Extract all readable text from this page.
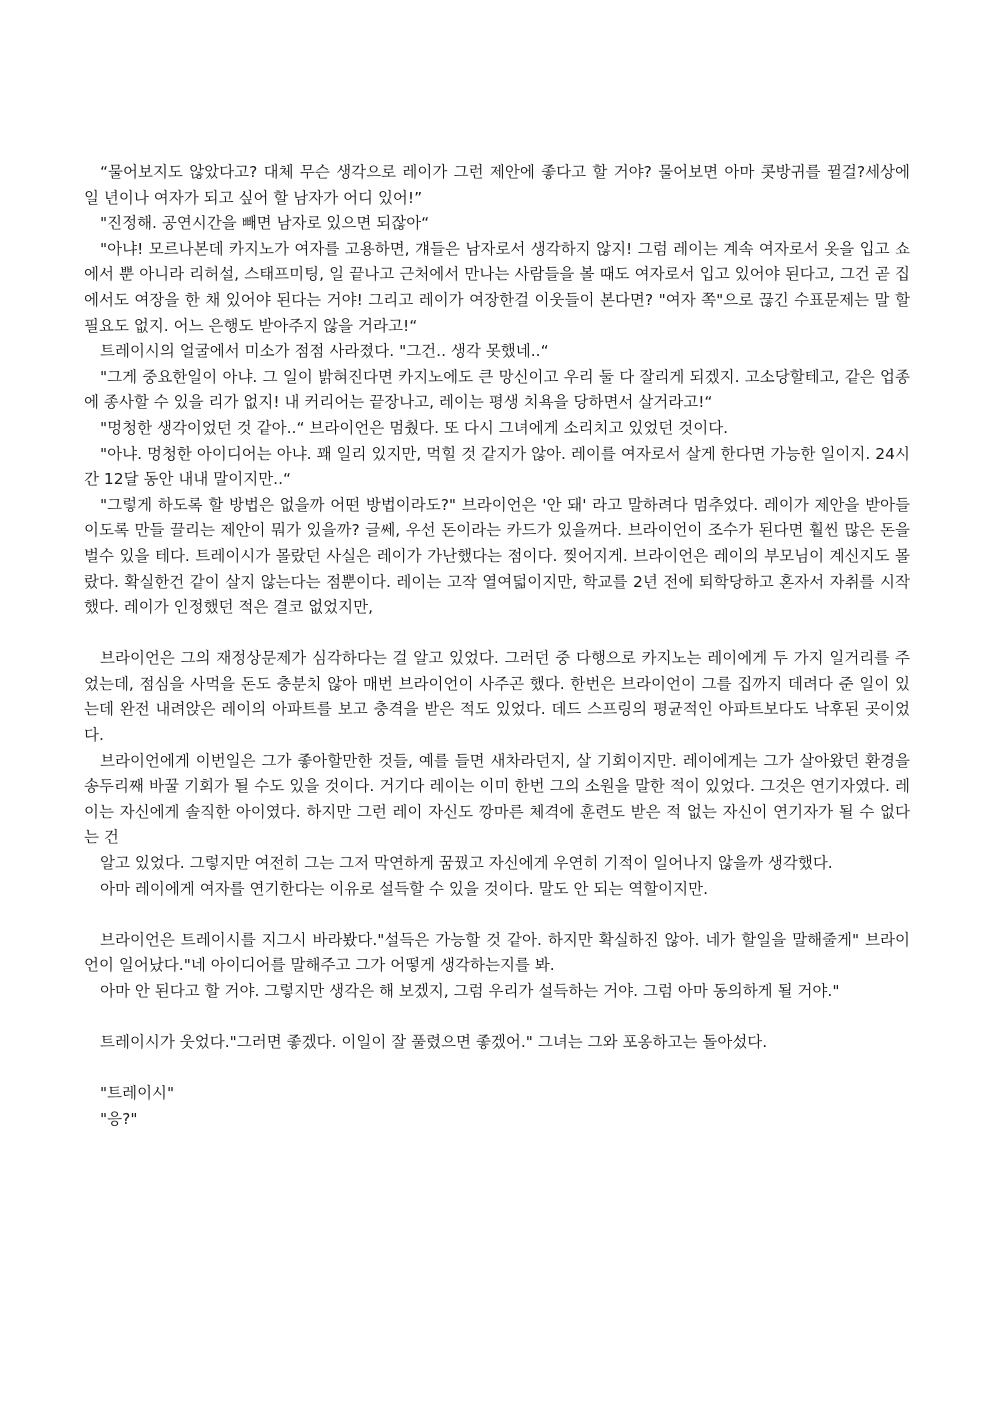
“물어보지도 않았다고? 대체 무슨 생각으로 레이가 그런 제안에 좋다고 할 거야? 물어보면 아마 콧방귀를 뀔걸?세상에 일 년이나 여자가 되고 싶어 할 남자가 어디 있어!”

"진정해. 공연시간을 빼면 남자로 있으면 되잖아“

"아냐! 모르나본데 카지노가 여자를 고용하면, 걔들은 남자로서 생각하지 않지! 그럼 레이는 계속 여자로서 옷을 입고 쇼에서 뿐 아니라 리허설, 스태프미팅, 일 끝나고 근처에서 만나는 사람들을 볼 때도 여자로서 입고 있어야 된다고, 그건 곧 집에서도 여장을 한 채 있어야 된다는 거야! 그리고 레이가 여장한걸 이웃들이 본다면? "여자 쪽"으로 끊긴 수표문제는 말 할 필요도 없지. 어느 은행도 받아주지 않을 거라고!“

트레이시의 얼굴에서 미소가 점점 사라졌다. "그건.. 생각 못했네..“

"그게 중요한일이 아냐. 그 일이 밝혀진다면 카지노에도 큰 망신이고 우리 둘 다 잘리게 되겠지. 고소당할테고, 같은 업종에 종사할 수 있을 리가 없지! 내 커리어는 끝장나고, 레이는 평생 치욕을 당하면서 살거라고!“

"멍청한 생각이었던 것 같아..“ 브라이언은 멈췄다. 또 다시 그녀에게 소리치고 있었던 것이다.

"아냐. 멍청한 아이디어는 아냐. 꽤 일리 있지만, 먹힐 것 같지가 않아. 레이를 여자로서 살게 한다면 가능한 일이지. 24시간 12달 동안 내내 말이지만..“

"그렇게 하도록 할 방법은 없을까 어떤 방법이라도?" 브라이언은 '안 돼' 라고 말하려다 멈추었다. 레이가 제안을 받아들이도록 만들 끌리는 제안이 뭐가 있을까? 글쎄, 우선 돈이라는 카드가 있을꺼다. 브라이언이 조수가 된다면 훨씬 많은 돈을 벌수 있을 테다. 트레이시가 몰랐던 사실은 레이가 가난했다는 점이다. 찢어지게. 브라이언은 레이의 부모님이 계신지도 몰랐다. 확실한건 같이 살지 않는다는 점뿐이다. 레이는 고작 열여덟이지만, 학교를 2년 전에 퇴학당하고 혼자서 자취를 시작했다. 레이가 인정했던 적은 결코 없었지만,

브라이언은 그의 재정상문제가 심각하다는 걸 알고 있었다. 그러던 중 다행으로 카지노는 레이에게 두 가지 일거리를 주었는데, 점심을 사먹을 돈도 충분치 않아 매번 브라이언이 사주곤 했다. 한번은 브라이언이 그를 집까지 데려다 준 일이 있는데 완전 내려앉은 레이의 아파트를 보고 충격을 받은 적도 있었다. 데드 스프링의 평균적인 아파트보다도 낙후된 곳이었다.

브라이언에게 이번일은 그가 좋아할만한 것들, 예를 들면 새차라던지, 살 기회이지만. 레이에게는 그가 살아왔던 환경을 송두리째 바꿀 기회가 될 수도 있을 것이다. 거기다 레이는 이미 한번 그의 소원을 말한 적이 있었다. 그것은 연기자였다. 레이는 자신에게 솔직한 아이였다. 하지만 그런 레이 자신도 깡마른 체격에 훈련도 받은 적 없는 자신이 연기자가 될 수 없다는 건

알고 있었다. 그렇지만 여전히 그는 그저 막연하게 꿈꿨고 자신에게 우연히 기적이 일어나지 않을까 생각했다.

아마 레이에게 여자를 연기한다는 이유로 설득할 수 있을 것이다. 말도 안 되는 역할이지만.

브라이언은 트레이시를 지그시 바라봤다."설득은 가능할 것 같아. 하지만 확실하진 않아. 네가 할일을 말해줄게" 브라이언이 일어났다."네 아이디어를 말해주고 그가 어떻게 생각하는지를 봐.

아마 안 된다고 할 거야. 그렇지만 생각은 해 보겠지, 그럼 우리가 설득하는 거야. 그럼 아마 동의하게 될 거야."

트레이시가 웃었다."그러면 좋겠다. 이일이 잘 풀렸으면 좋겠어." 그녀는 그와 포옹하고는 돌아섰다.

"트레이시"

"응?"
